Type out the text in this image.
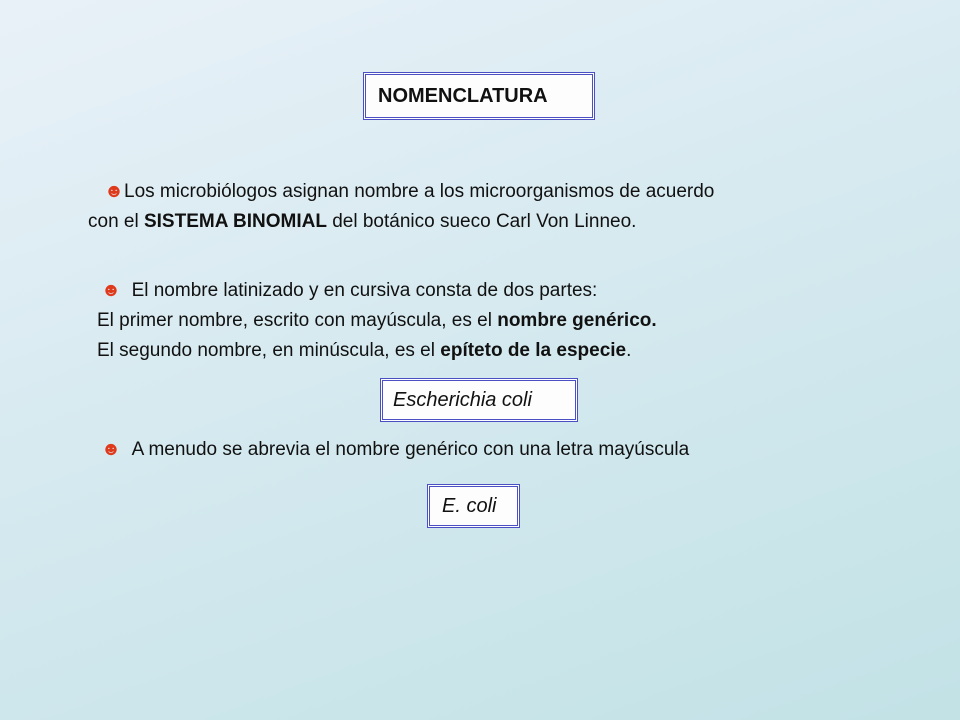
NOMENCLATURA
☻Los microbiólogos asignan nombre a los microorganismos de acuerdo
con el SISTEMA BINOMIAL del botánico sueco Carl Von Linneo.
☻ El nombre latinizado y en cursiva consta de dos partes:
El primer nombre, escrito con mayúscula, es el nombre genérico.
El segundo nombre, en minúscula, es el epíteto de la especie.
Escherichia coli
☻ A menudo se abrevia el nombre genérico con una letra mayúscula
E. coli
